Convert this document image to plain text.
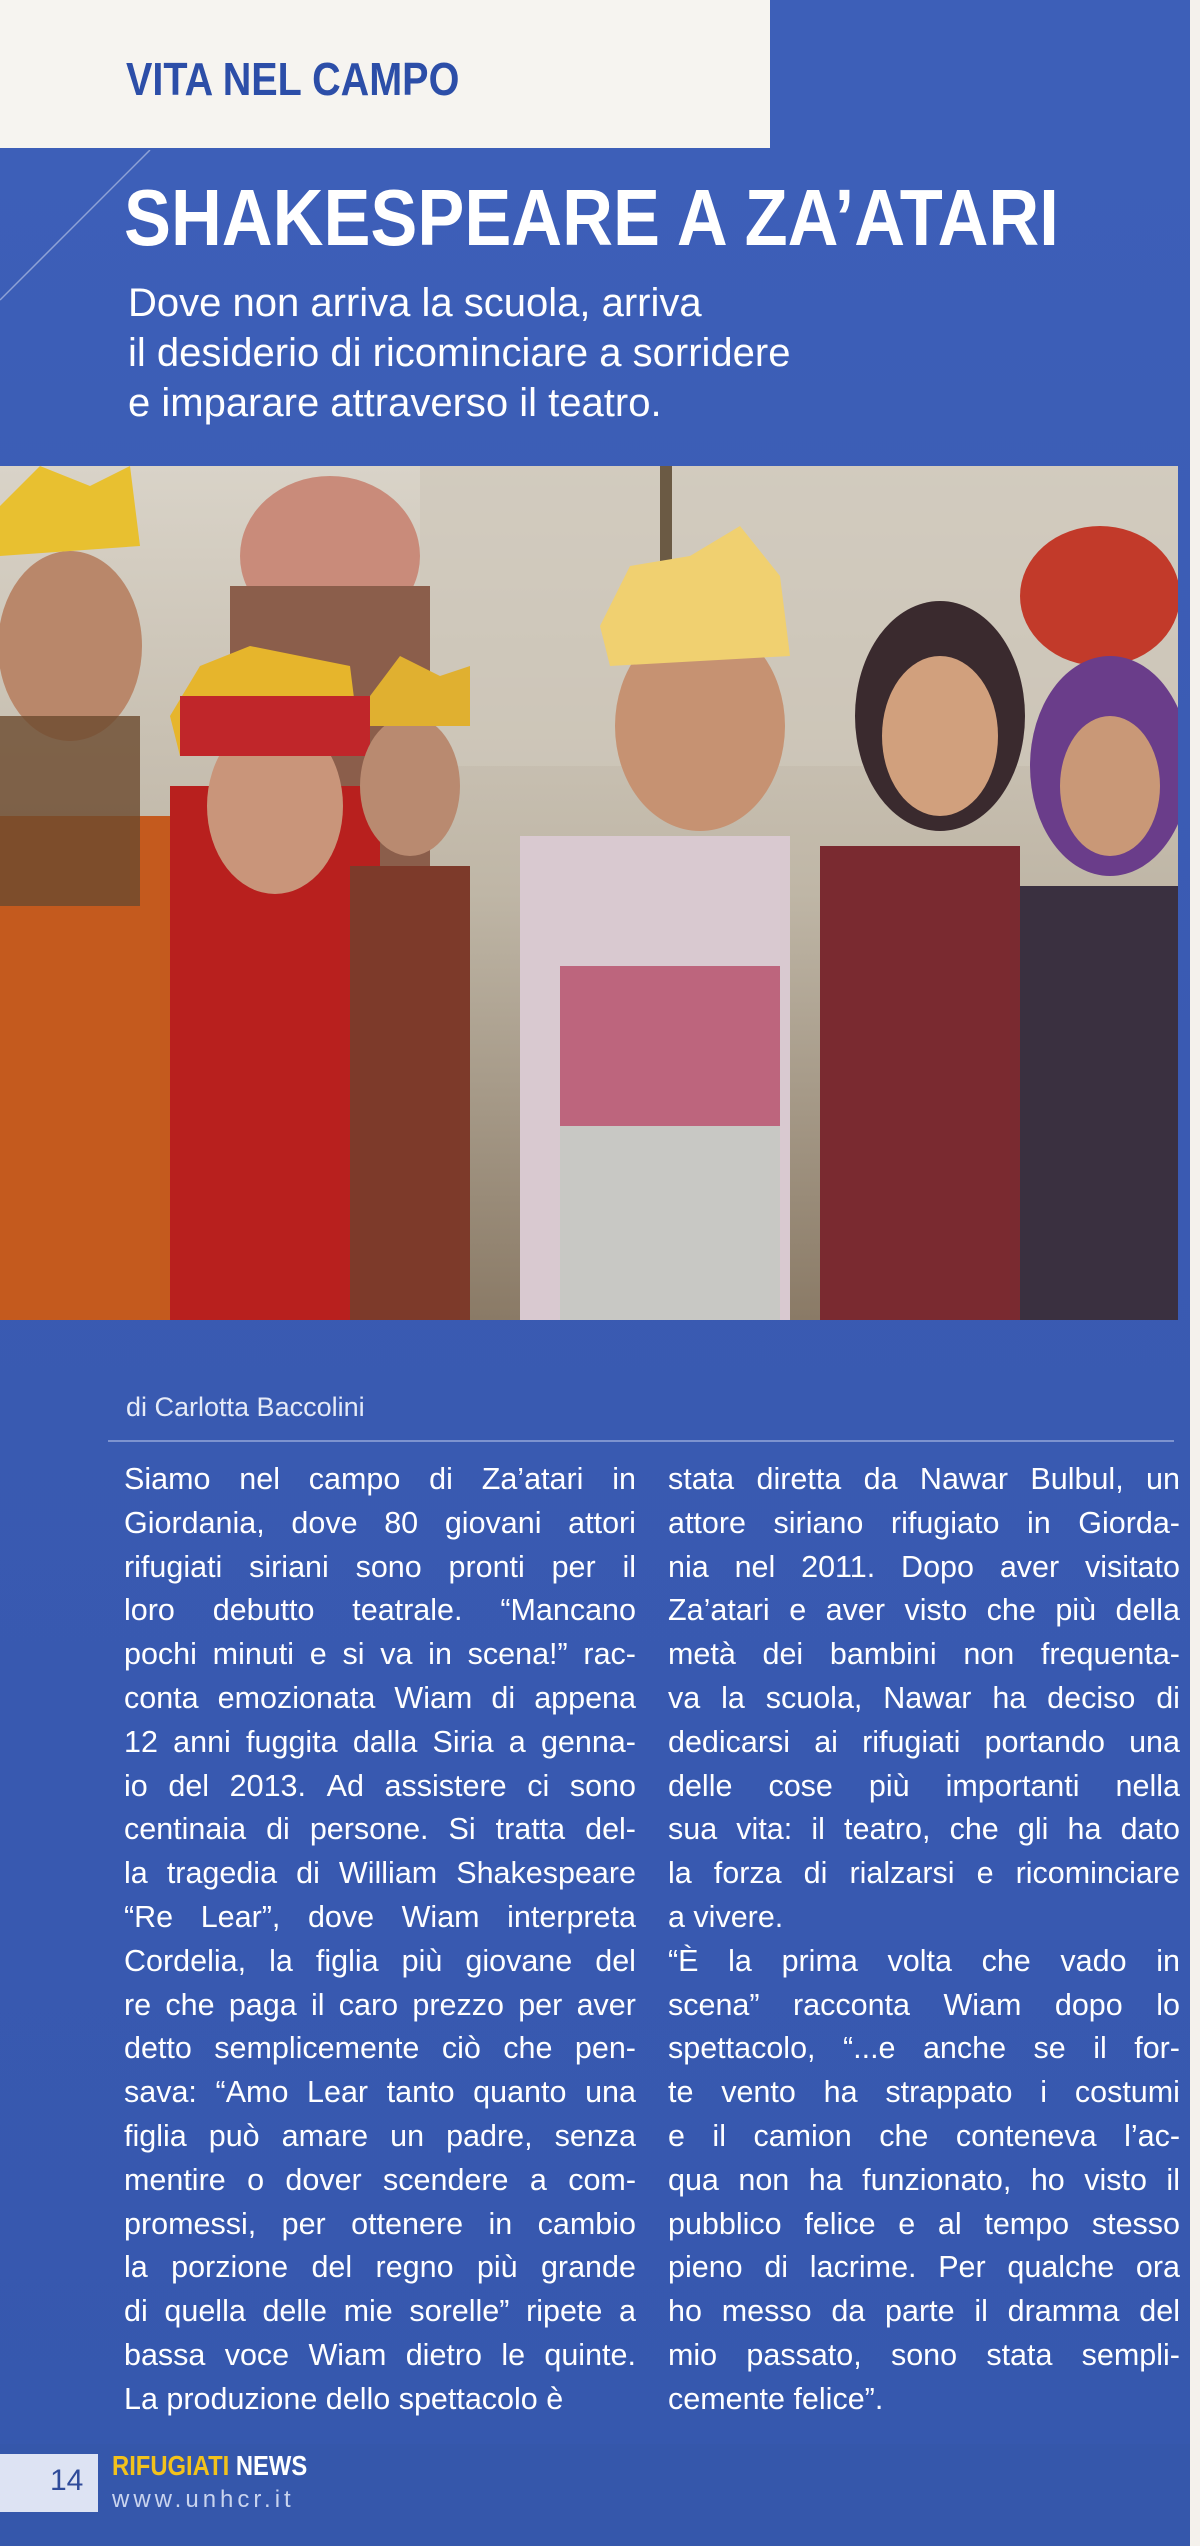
VITA NEL CAMPO
SHAKESPEARE A ZA’ATARI
Dove non arriva la scuola, arriva
il desiderio di ricominciare a sorridere
e imparare attraverso il teatro.
di Carlotta Baccolini
Siamo nel campo di Za’atari in
Giordania, dove 80 giovani attori
rifugiati siriani sono pronti per il
loro debutto teatrale. “Mancano
pochi minuti e si va in scena!” rac-
conta emozionata Wiam di appena
12 anni fuggita dalla Siria a genna-
io del 2013. Ad assistere ci sono
centinaia di persone. Si tratta del-
la tragedia di William Shakespeare
“Re Lear”, dove Wiam interpreta
Cordelia, la figlia più giovane del
re che paga il caro prezzo per aver
detto semplicemente ciò che pen-
sava: “Amo Lear tanto quanto una
figlia può amare un padre, senza
mentire o dover scendere a com-
promessi, per ottenere in cambio
la porzione del regno più grande
di quella delle mie sorelle” ripete a
bassa voce Wiam dietro le quinte.
La produzione dello spettacolo è
stata diretta da Nawar Bulbul, un
attore siriano rifugiato in Giorda-
nia nel 2011. Dopo aver visitato
Za’atari e aver visto che più della
metà dei bambini non frequenta-
va la scuola, Nawar ha deciso di
dedicarsi ai rifugiati portando una
delle cose più importanti nella
sua vita: il teatro, che gli ha dato
la forza di rialzarsi e ricominciare
a vivere.
“È la prima volta che vado in
scena” racconta Wiam dopo lo
spettacolo, “...e anche se il for-
te vento ha strappato i costumi
e il camion che conteneva l’ac-
qua non ha funzionato, ho visto il
pubblico felice e al tempo stesso
pieno di lacrime. Per qualche ora
ho messo da parte il dramma del
mio passato, sono stata sempli-
cemente felice”.
14 RIFUGIATI NEWS
www.unhcr.it
